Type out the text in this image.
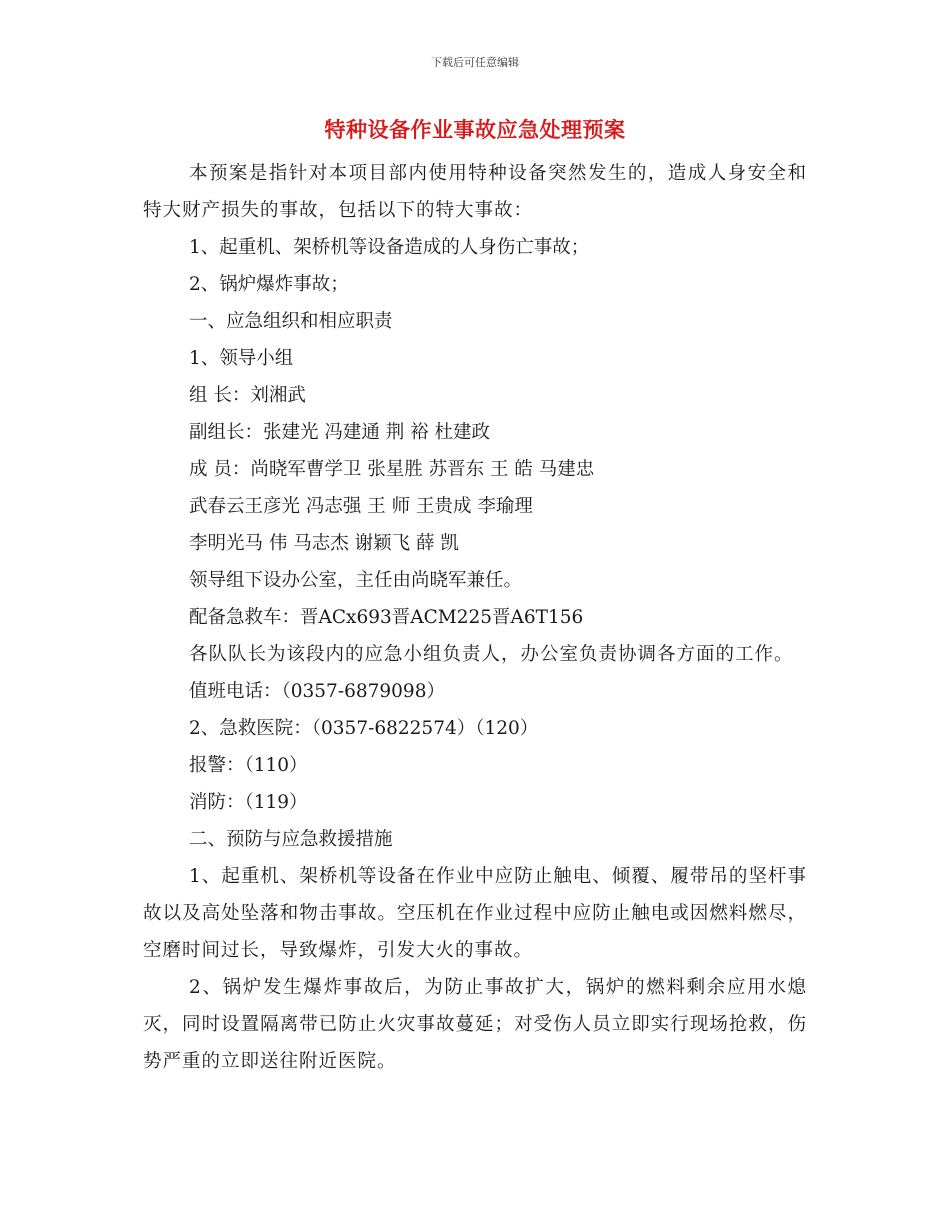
下载后可任意编辑
特种设备作业事故应急处理预案

本预案是指针对本项目部内使用特种设备突然发生的，造成人身安全和特大财产损失的事故，包括以下的特大事故：

1、起重机、架桥机等设备造成的人身伤亡事故；

2、锅炉爆炸事故；

一、应急组织和相应职责

1、领导小组

组 长：刘湘武

副组长：张建光 冯建通 荆 裕 杜建政

成 员：尚晓军曹学卫 张星胜 苏晋东 王 皓 马建忠

武春云王彦光 冯志强 王 师 王贵成 李瑜理

李明光马 伟 马志杰 谢颖飞 薛 凯

领导组下设办公室，主任由尚晓军兼任。

配备急救车：晋ACx693晋ACM225晋A6T156

各队队长为该段内的应急小组负责人，办公室负责协调各方面的工作。

值班电话：（0357-6879098）

2、急救医院：（0357-6822574）（120）

报警：（110）

消防：（119）

二、预防与应急救援措施

1、起重机、架桥机等设备在作业中应防止触电、倾覆、履带吊的坚杆事故以及高处坠落和物击事故。空压机在作业过程中应防止触电或因燃料燃尽，空磨时间过长，导致爆炸，引发大火的事故。

2、锅炉发生爆炸事故后，为防止事故扩大，锅炉的燃料剩余应用水熄灭，同时设置隔离带已防止火灾事故蔓延；对受伤人员立即实行现场抢救，伤势严重的立即送往附近医院。
